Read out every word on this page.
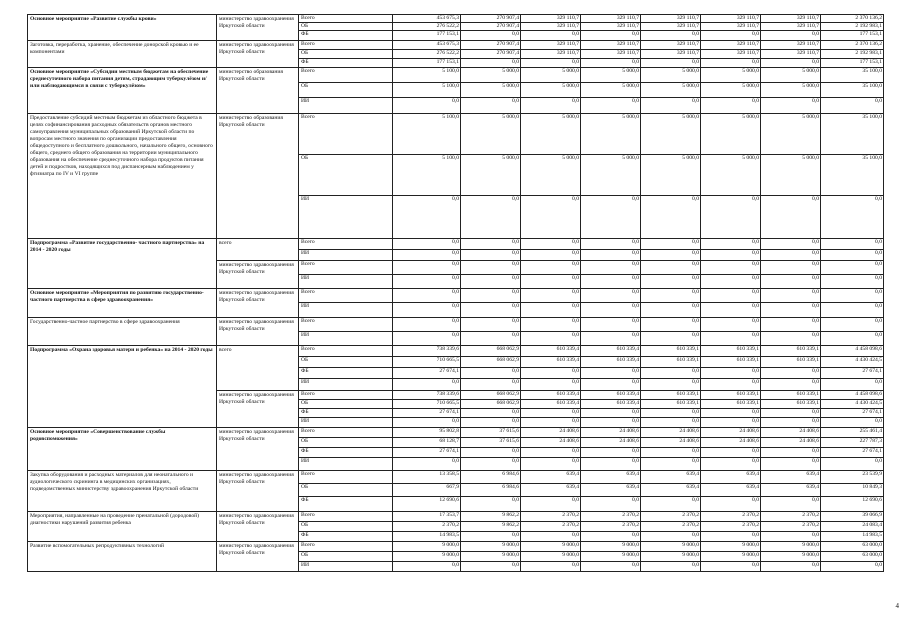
Основное мероприятие «Развитие службы крови»	министерство здравоохранения Иркутской области	Всего	453 675,3	270 907,4	329 110,7	329 110,7	329 110,7	329 110,7	329 110,7	2 370 136,2
		ОБ	276 522,2	270 907,4	329 110,7	329 110,7	329 110,7	329 110,7	329 110,7	2 192 983,1
		ФБ	177 153,1	0,0	0,0	0,0	0,0	0,0	0,0	177 153,1
Заготовка, переработка, хранение, обеспечение донорской кровью и ее компонентами	министерство здравоохранения Иркутской области	Всего	453 675,3	270 907,4	329 110,7	329 110,7	329 110,7	329 110,7	329 110,7	2 370 136,2
		ОБ	276 522,2	270 907,4	329 110,7	329 110,7	329 110,7	329 110,7	329 110,7	2 192 983,1
		ФБ	177 153,1	0,0	0,0	0,0	0,0	0,0	0,0	177 153,1
Основное мероприятие «Субсидии местным бюджетам на обеспечение среднесуточного набора питания детям, страдающим туберкулёзом и/или наблюдающимся в связи с туберкулёзом»	министерство образования Иркутской области	Всего	5 100,0	5 000,0	5 000,0	5 000,0	5 000,0	5 000,0	5 000,0	35 100,0
		ОБ	5 100,0	5 000,0	5 000,0	5 000,0	5 000,0	5 000,0	5 000,0	35 100,0
		ИИ	0,0	0,0	0,0	0,0	0,0	0,0	0,0	0,0
Предоставление субсидий местным бюджетам из областного бюджета в целях софинансирования расходных обязательств органов местного самоуправления муниципальных образований Иркутской области по вопросам местного значения по организации предоставления общедоступного и бесплатного дошкольного, начального общего, основного общего, среднего общего образования на территории муниципального образования на обеспечение среднесуточного набора продуктов питания детей и подростков, находящихся под диспансерным наблюдением у фтизиатра по IV и VI группе	министерство образования Иркутской области	Всего	5 100,0	5 000,0	5 000,0	5 000,0	5 000,0	5 000,0	5 000,0	35 100,0
		ОБ	5 100,0	5 000,0	5 000,0	5 000,0	5 000,0	5 000,0	5 000,0	35 100,0
		ИИ	0,0	0,0	0,0	0,0	0,0	0,0	0,0	0,0
Подпрограмма «Развитие государственно- частного партнерства» на 2014 - 2020 годы	всего	Всего	0,0	0,0	0,0	0,0	0,0	0,0	0,0	0,0
		ИИ	0,0	0,0	0,0	0,0	0,0	0,0	0,0	0,0
	министерство здравоохранения Иркутской области	Всего	0,0	0,0	0,0	0,0	0,0	0,0	0,0	0,0
		ИИ	0,0	0,0	0,0	0,0	0,0	0,0	0,0	0,0
Основное мероприятие «Мероприятия по развитию государственно-частного партнерства в сфере здравоохранения»	министерство здравоохранения Иркутской области	Всего	0,0	0,0	0,0	0,0	0,0	0,0	0,0	0,0
		ИИ	0,0	0,0	0,0	0,0	0,0	0,0	0,0	0,0
Государственно-частное партнерство в сфере здравоохранения	министерство здравоохранения Иркутской области	Всего	0,0	0,0	0,0	0,0	0,0	0,0	0,0	0,0
		ИИ	0,0	0,0	0,0	0,0	0,0	0,0	0,0	0,0
Подпрограмма «Охрана здоровья матери и ребенка» на 2014 - 2020 годы	всего	Всего	738 339,6	668 062,9	610 339,4	610 339,4	610 339,1	610 339,1	610 339,1	4 458 098,6
		ОБ	710 665,5	668 062,9	610 339,4	610 339,4	610 339,1	610 339,1	610 339,1	4 430 424,5
		ФБ	27 674,1	0,0	0,0	0,0	0,0	0,0	0,0	27 674,1
		ИИ	0,0	0,0	0,0	0,0	0,0	0,0	0,0	0,0
	министерство здравоохранения Иркутской области	Всего	738 339,6	668 062,9	610 339,4	610 339,4	610 339,1	610 339,1	610 339,1	4 458 098,6
		ОБ	710 665,5	668 062,9	610 339,4	610 339,4	610 339,1	610 339,1	610 339,1	4 430 424,5
		ФБ	27 674,1	0,0	0,0	0,0	0,0	0,0	0,0	27 674,1
		ИИ	0,0	0,0	0,0	0,0	0,0	0,0	0,0	0,0
Основное мероприятие «Совершенствование службы родовспоможения»	министерство здравоохранения Иркутской области	Всего	95 802,8	37 615,6	24 408,6	24 408,6	24 408,6	24 408,6	24 408,6	255 461,4
		ОБ	68 128,7	37 615,6	24 408,6	24 408,6	24 408,6	24 408,6	24 408,6	227 787,3
		ФБ	27 674,1	0,0	0,0	0,0	0,0	0,0	0,0	27 674,1
		ИИ	0,0	0,0	0,0	0,0	0,0	0,0	0,0	0,0
Закупка оборудования и расходных материалов для неонатального и аудиологического скрининга в медицинских организациях, подведомственных министерству здравоохранения Иркутской области	министерство здравоохранения Иркутской области	Всего	13 358,5	6 984,6	639,4	639,4	639,4	639,4	639,4	23 539,9
		ОБ	667,9	6 984,6	639,4	639,4	639,4	639,4	639,4	10 849,3
		ФБ	12 690,6	0,0	0,0	0,0	0,0	0,0	0,0	12 690,6
Мероприятия, направленные на проведение пренатальной (дородовой) диагностики нарушений развития ребенка	министерство здравоохранения Иркутской области	Всего	17 353,7	9 862,2	2 370,2	2 370,2	2 370,2	2 370,2	2 370,2	39 066,9
		ОБ	2 370,2	9 862,2	2 370,2	2 370,2	2 370,2	2 370,2	2 370,2	24 083,4
		ФБ	14 983,5	0,0	0,0	0,0	0,0	0,0	0,0	14 983,5
Развитие вспомогательных репродуктивных технологий	министерство здравоохранения Иркутской области	Всего	9 000,0	9 000,0	9 000,0	9 000,0	9 000,0	9 000,0	9 000,0	63 000,0
		ОБ	9 000,0	9 000,0	9 000,0	9 000,0	9 000,0	9 000,0	9 000,0	63 000,0
		ИИ	0,0	0,0	0,0	0,0	0,0	0,0	0,0	0,0
4
